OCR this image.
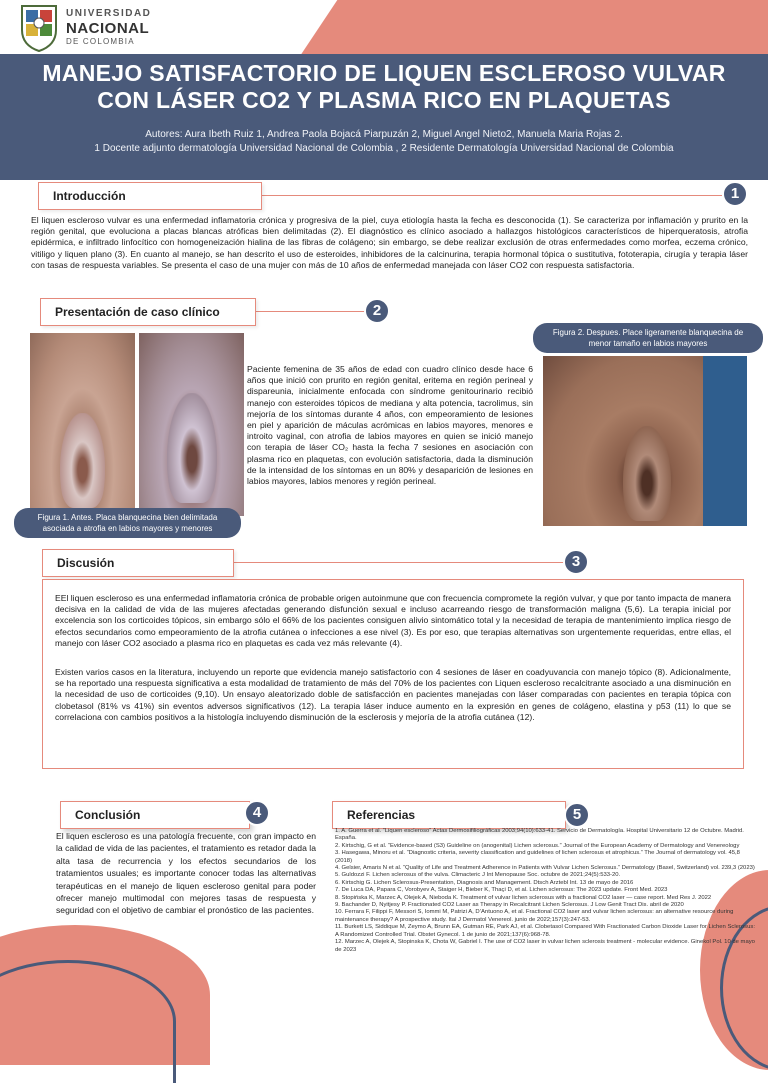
UNIVERSIDAD
NACIONAL
DE COLOMBIA
MANEJO SATISFACTORIO DE LIQUEN ESCLEROSO VULVAR
CON LÁSER CO2 Y PLASMA RICO EN PLAQUETAS
Autores: Aura Ibeth Ruiz 1, Andrea Paola Bojacá Piarpuzán 2, Miguel Angel Nieto2, Manuela Maria Rojas 2.
1 Docente adjunto dermatología Universidad Nacional de Colombia , 2 Residente Dermatología Universidad Nacional de Colombia
Introducción	1
El liquen escleroso vulvar es una enfermedad inflamatoria crónica y progresiva de la piel, cuya etiología hasta la fecha es desconocida (1). Se caracteriza por inflamación y prurito en la región genital, que evoluciona a placas blancas atróficas bien delimitadas (2). El diagnóstico es clínico asociado a hallazgos histológicos característicos de hiperqueratosis, atrofia epidérmica, e infiltrado linfocítico con homogeneización hialina de las fibras de colágeno; sin embargo, se debe realizar exclusión de otras enfermedades como morfea, eczema crónico, vitiligo y liquen plano (3). En cuanto al manejo, se han descrito el uso de esteroides, inhibidores de la calcinurina, terapia hormonal tópica o sustitutiva, fototerapia, cirugía y terapia láser con tasas de respuesta variables. Se presenta el caso de una mujer con más de 10 años de enfermedad manejada con láser CO2 con respuesta satisfactoria.
Presentación de caso clínico	2
Figura 1. Antes. Placa blanquecina bien delimitada asociada a atrofia en labios mayores y menores
Paciente femenina de 35 años de edad con cuadro clínico desde hace 6 años que inició con prurito en región genital, eritema en región perineal y dispareunia, inicialmente enfocada con síndrome genitourinario recibió manejo con esteroides tópicos de mediana y alta potencia, tacrolimus, sin mejoría de los síntomas durante 4 años, con empeoramiento de lesiones en piel y aparición de máculas acrómicas en labios mayores, menores e introito vaginal, con atrofia de labios mayores en quien se inició manejo con terapia de láser CO₂ hasta la fecha 7 sesiones en asociación con plasma rico en plaquetas, con evolución satisfactoria, dada la disminución de la intensidad de los síntomas en un 80% y desaparición de lesiones en labios mayores, labios menores y región perineal.
Figura 2. Despues. Place ligeramente blanquecina de menor tamaño en labios mayores
Discusión	3
EEl liquen escleroso es una enfermedad inflamatoria crónica de probable origen autoinmune que con frecuencia compromete la región vulvar, y que por tanto impacta de manera decisiva en la calidad de vida de las mujeres afectadas generando disfunción sexual e incluso acarreando riesgo de transformación maligna (5,6). La terapia inicial por excelencia son los corticoides tópicos, sin embargo sólo el 66% de los pacientes consiguen alivio sintomático total y la necesidad de terapia de mantenimiento implica riesgo de efectos secundarios como empeoramiento de la atrofia cutánea o infecciones a ese nivel (3). Es por eso, que terapias alternativas son urgentemente requeridas, entre ellas, el manejo con láser CO2 asociado a plasma rico en plaquetas es cada vez más relevante (4).
Existen varios casos en la literatura, incluyendo un reporte que evidencia manejo satisfactorio con 4 sesiones de láser en coadyuvancia con manejo tópico (8). Adicionalmente, se ha reportado una respuesta significativa a esta modalidad de tratamiento de más del 70% de los pacientes con Liquen escleroso recalcitrante asociado a una disminución en la necesidad de uso de corticoides (9,10). Un ensayo aleatorizado doble de satisfacción en pacientes manejadas con láser comparadas con pacientes en terapia tópica con clobetasol (81% vs 41%) sin eventos adversos significativos (12). La terapia láser induce aumento en la expresión en genes de colágeno, elastina y p53 (11) lo que se correlaciona con cambios positivos a la histología incluyendo disminución de la esclerosis y mejoría de la atrofia cutánea (12).
Conclusión	4
El liquen escleroso es una patología frecuente, con gran impacto en la calidad de vida de las pacientes, el tratamiento es retador dada la alta tasa de recurrencia y los efectos secundarios de los tratamientos usuales; es importante conocer todas las alternativas terapéuticas en el manejo de liquen escleroso genital para poder ofrecer manejo multimodal con mejores tasas de respuesta y seguridad con el objetivo de cambiar el pronóstico de las pacientes.
Referencias	5
1. A. Guerra et al. “Liquen escleroso” Actas Dermosifiliográficas 2003;94(10):633-41. Servicio de Dermatología. Hospital Universitario 12 de Octubre. Madrid. España.
2. Kirtschig, G et al. “Evidence-based (S3) Guideline on (anogenital) Lichen sclerosus.” Journal of the European Academy of Dermatology and Venereology
3. Hasegawa, Minoru et al. “Diagnostic criteria, severity classification and guidelines of lichen sclerosus et atrophicus.” The Journal of dermatology vol. 45,8 (2018)
4. Gelsier, Amaris N et al. “Quality of Life and Treatment Adherence in Patients with Vulvar Lichen Sclerosus.” Dermatology (Basel, Switzerland) vol. 239,3 (2023)
5. Guldozzi F. Lichen sclerosus of the vulva. Climacteric J Int Menopause Soc. octubre de 2021;24(5):533-20.
6. Kirtschig G. Lichen Sclerosus-Presentation, Diagnosis and Management. Dtsch Arztebl Int. 13 de mayo de 2016
7. De Luca DA, Papara C, Vorobyev A, Staiger H, Bieber K, Thaçi D, et al. Lichen sclerosus: The 2023 update. Front Med. 2023
8. Stopińska K, Marzec A, Olejek A, Nieboda K. Treatment of vulvar lichen sclerosus with a fractional CO2 laser — case report. Med Res J. 2022
9. Bachander D, Nyitjesy P. Fractionated CO2 Laser as Therapy in Recalcitrant Lichen Sclerosus. J Low Genit Tract Dis. abril de 2020
10. Ferrara F, Filippi F, Messori S, Iommi M, Patrizi A, D’Antuono A, et al. Fractional CO2 laser and vulvar lichen sclerosus: an alternative resource during maintenance therapy? A prospective study. Ital J Dermatol Venereol. junio de 2022;157(3):247-53.
11. Burkett LS, Siddique M, Zeymo A, Brunn EA, Gutman RE, Park AJ, et al. Clobetasol Compared With Fractionated Carbon Dioxide Laser for Lichen Sclerosus: A Randomized Controlled Trial. Obstet Gynecol. 1 de junio de 2021;137(6):968-78.
12. Marzec A, Olejek A, Stopinska K, Chota W, Gabriel I. The use of CO2 laser in vulvar lichen sclerosis treatment - molecular evidence. Ginekol Pol. 10 de mayo de 2023
